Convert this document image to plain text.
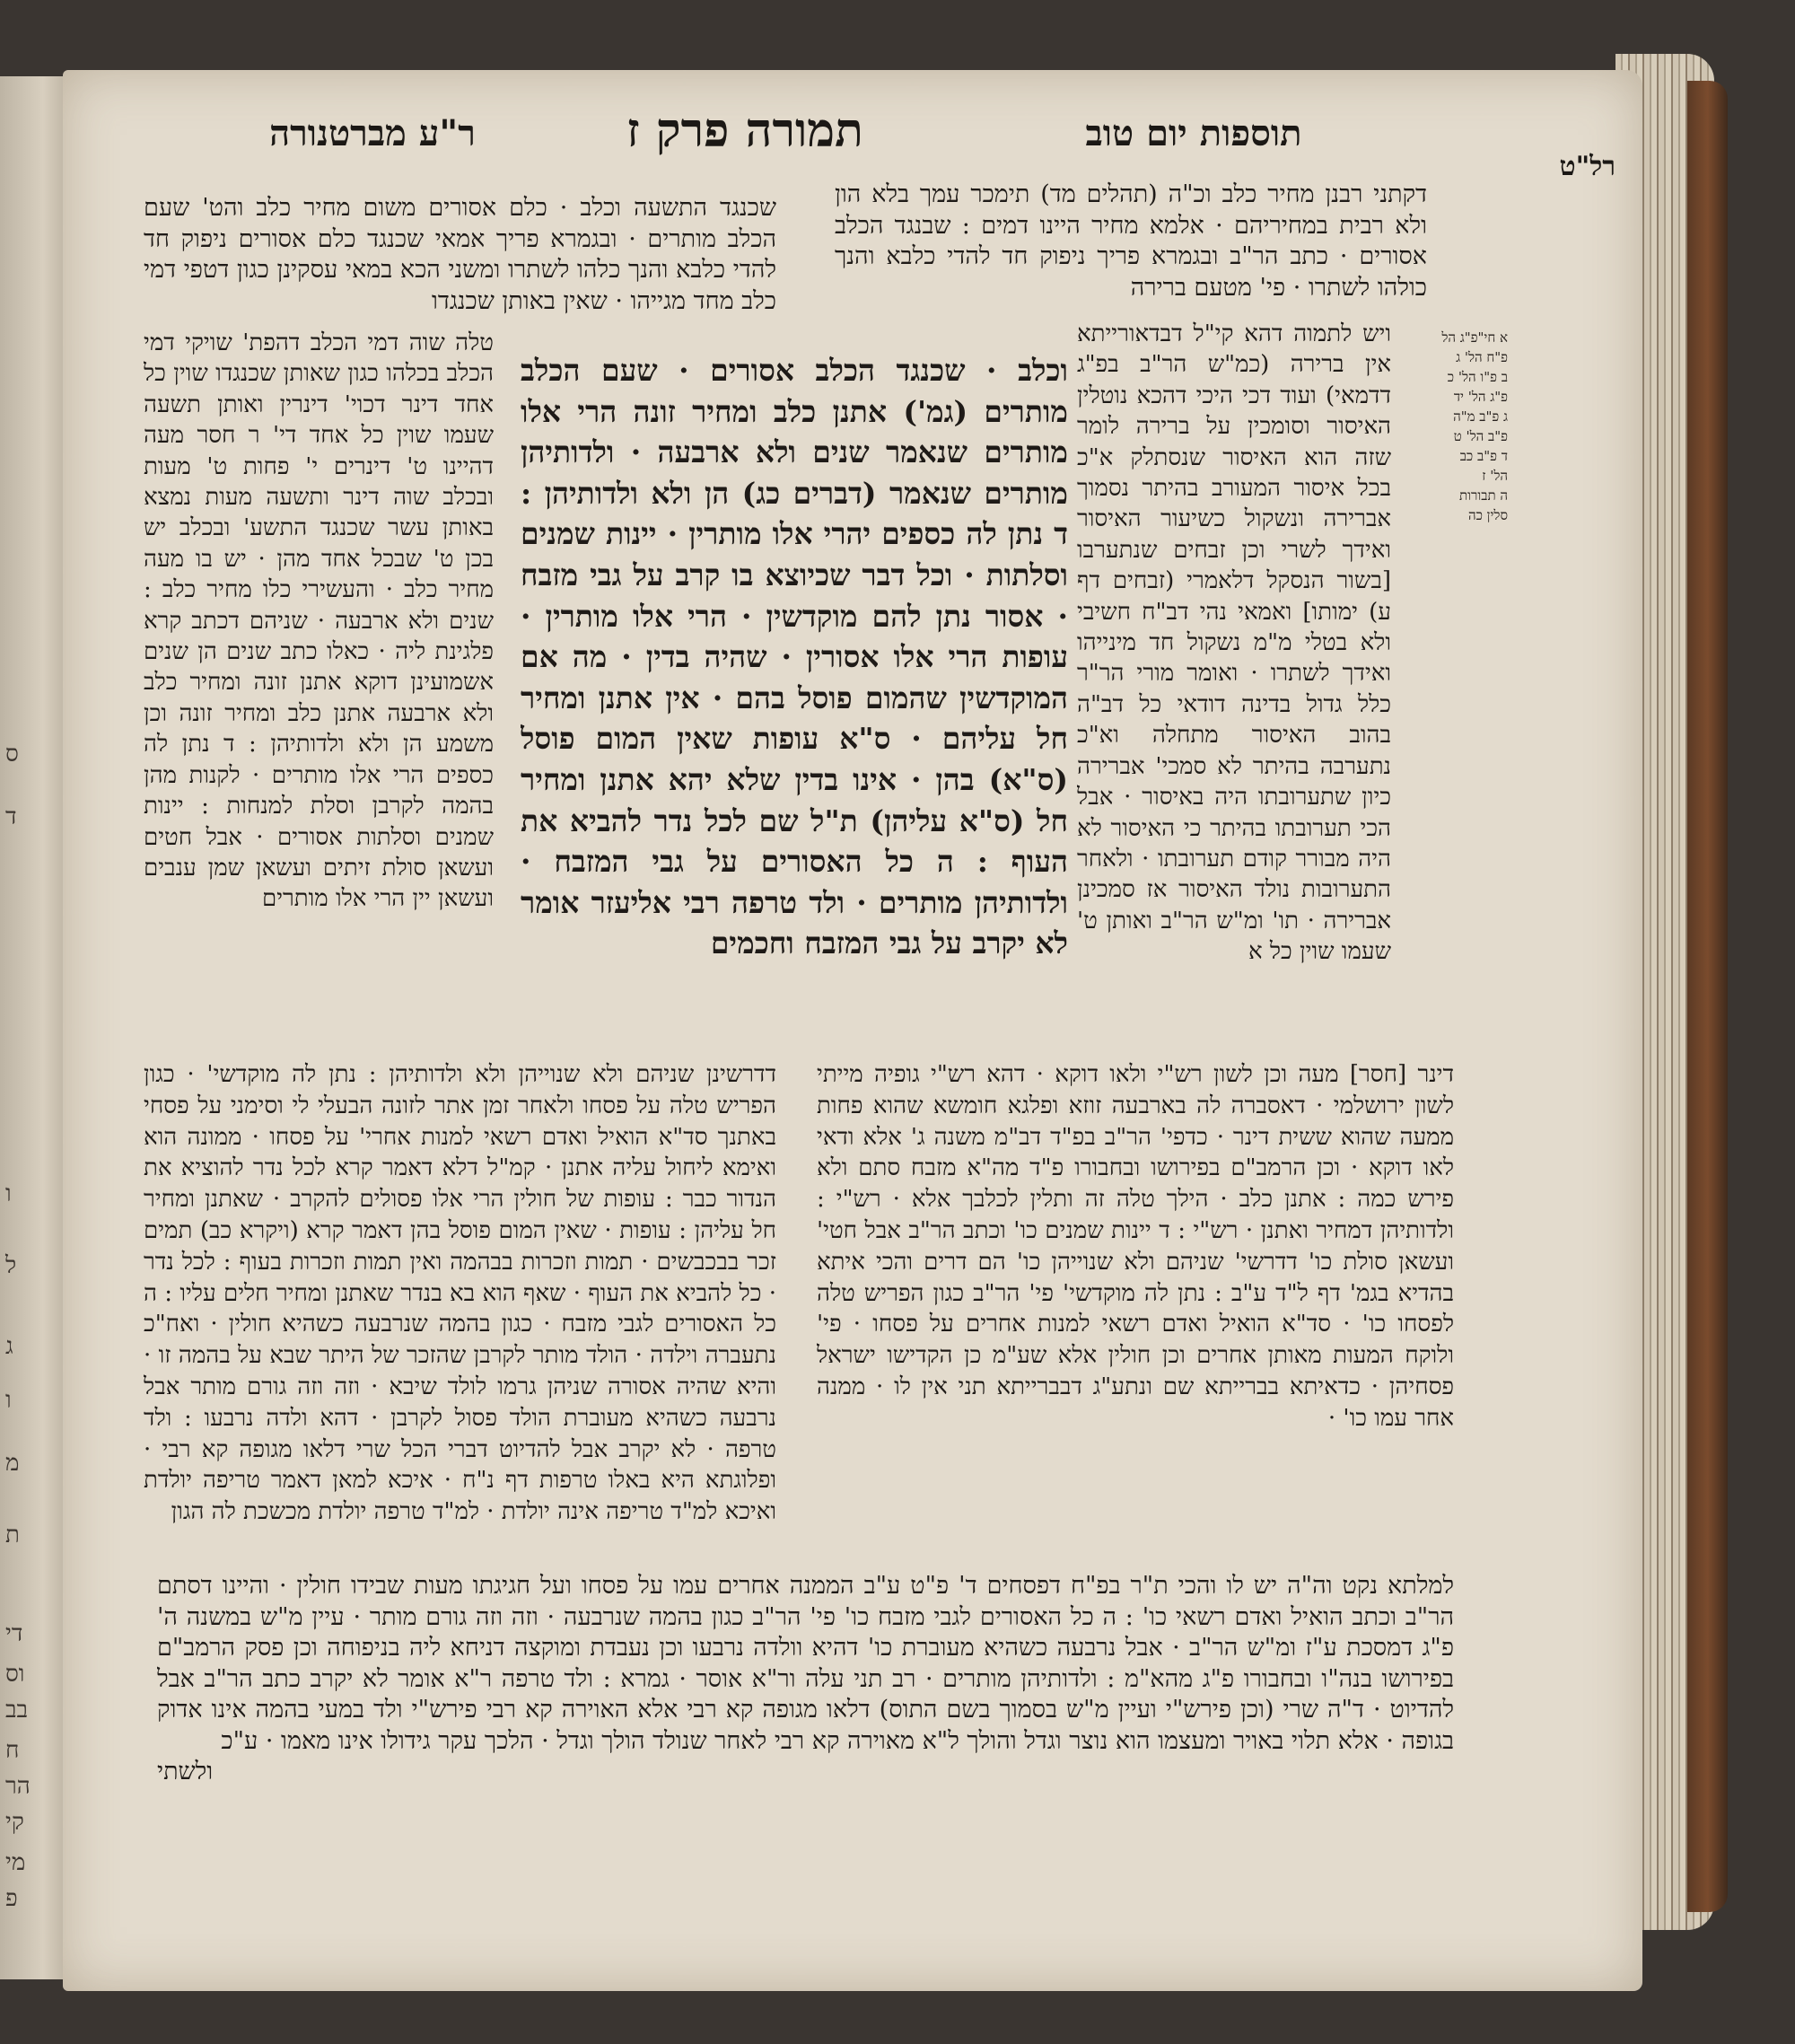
ס
ד
ו
ל
ג
ו
מ
ת
די
וס
בב
ח
הר
קי
מי
פ
רל"ט
תוספות יום טוב
תמורה פרק ז
ר"ע מברטנורה
א חי"פ"ג הל
פ"ח הל' ג
ב פ"ו הל' כ
פ"ג הל' יד
ג פ"ב מ"ה
פ"ב הל' ט
ד פ"ב כב
הל' ז
ה תבורות
סלין כה

דקתני רבנן מחיר כלב וכ"ה (תהלים מד) תימכר עמך בלא הון ולא רבית במחיריהם · אלמא מחיר היינו דמים : שבנגד הכלב אסורים · כתב הר"ב ובגמרא פריך ניפוק חד להדי כלבא והנך כולהו לשתרו · פי' מטעם ברירה

שכנגד התשעה וכלב · כלם אסורים משום מחיר כלב והט' שעם הכלב מותרים · ובגמרא פריך אמאי שכנגד כלם אסורים ניפוק חד להדי כלבא והנך כלהו לשתרו ומשני הכא במאי עסקינן כגון דטפי דמי כלב מחד מגייהו · שאין באותן שכנגדו

ויש לתמוה דהא קי"ל דבדאורייתא אין ברירה (כמ"ש הר"ב בפ"ג דדמאי) ועוד דכי היכי דהכא נוטלין האיסור וסומכין על ברירה לומר שזה הוא האיסור שנסתלק א"כ בכל איסור המעורב בהיתר נסמוך אברירה ונשקול כשיעור האיסור ואידך לשרי וכן זבחים שנתערבו [בשור הנסקל דלאמרי (זבחים דף ע) ימותו] ואמאי נהי דב"ח חשיבי ולא בטלי מ"מ נשקול חד מינייהו ואידך לשתרו · ואומר מורי הר"ר כלל גדול בדינה דודאי כל דב"ה בהוב האיסור מתחלה וא"כ נתערבה בהיתר לא סמכי' אברירה כיון שתערובתו היה באיסור · אבל הכי תערובתו בהיתר כי האיסור לא היה מבורר קודם תערובתו · ולאחר התערובות נולד האיסור אז סמכינן אברירה · תו' ומ"ש הר"ב ואותן ט' שעמו שוין כל א

וכלב · שכנגד הכלב אסורים · שעם הכלב מותרים (גמ') אתנן כלב ומחיר זונה הרי אלו מותרים שנאמר שנים ולא ארבעה · ולדותיהן מותרים שנאמר (דברים כג) הן ולא ולדותיהן : ד נתן לה כספים יהרי אלו מותרין · יינות שמנים וסלתות · וכל דבר שכיוצא בו קרב על גבי מזבח · אסור נתן להם מוקדשין · הרי אלו מותרין · עופות הרי אלו אסורין · שהיה בדין · מה אם המוקדשין שהמום פוסל בהם · אין אתנן ומחיר חל עליהם · ס"א עופות שאין המום פוסל (ס"א) בהן · אינו בדין שלא יהא אתנן ומחיר חל (ס"א עליהן) ת"ל שם לכל נדר להביא את העוף : ה כל האסורים על גבי המזבח · ולדותיהן מותרים · ולד טרפה רבי אליעזר אומר לא יקרב על גבי המזבח וחכמים

טלה שוה דמי הכלב דהפת' שויקי דמי הכלב בכלהו כגון שאותן שכנגדו שוין כל אחד דינר דכוי' דינרין ואותן תשעה שעמו שוין כל אחד די' ר חסר מעה דהיינו ט' דינרים י' פחות ט' מעות ובכלב שוה דינר ותשעה מעות נמצא באותן עשר שכנגד התשע' ובכלב יש בכן ט' שבכל אחד מהן · יש בו מעה מחיר כלב · והעשירי כלו מחיר כלב : שנים ולא ארבעה · שניהם דכתב קרא פלגינת ליה · כאלו כתב שנים הן שנים אשמועינן דוקא אתנן זונה ומחיר כלב ולא ארבעה אתנן כלב ומחיר זונה וכן משמע הן ולא ולדותיהן : ד נתן לה כספים הרי אלו מותרים · לקנות מהן בהמה לקרבן וסלת למנחות : יינות שמנים וסלתות אסורים · אבל חטים ועשאן סולת זיתים ועשאן שמן ענבים ועשאן יין הרי אלו מותרים

דינר [חסר] מעה וכן לשון רש"י ולאו דוקא · דהא רש"י גופיה מייתי לשון ירושלמי · דאסברה לה בארבעה זוזא ופלגא חומשא שהוא פחות ממעה שהוא ששית דינר · כדפי' הר"ב בפ"ד דב"מ משנה ג' אלא ודאי לאו דוקא · וכן הרמב"ם בפירושו ובחבורו פ"ד מה"א מזבח סתם ולא פירש כמה : אתנן כלב · הילך טלה זה ותלין לכלבך אלא · רש"י : ולדותיהן דמחיר ואתנן · רש"י : ד יינות שמנים כו' וכתב הר"ב אבל חטי' ועשאן סולת כו' דדרשי' שניהם ולא שנוייהן כו' הם דרים והכי איתא בהדיא בגמ' דף ל"ד ע"ב : נתן לה מוקדשי' פי' הר"ב כגון הפריש טלה לפסחו כו' · סד"א הואיל ואדם רשאי למנות אחרים על פסחו · פי' ולוקח המעות מאותן אחרים וכן חולין אלא שע"מ כן הקדישו ישראל פסחיהן · כדאיתא בברייתא שם ונתע"ג דבברייתא תני אין לו · ממנה אחר עמו כו' ·

דדרשינן שניהם ולא שנוייהן ולא ולדותיהן : נתן לה מוקדשי' · כגון הפריש טלה על פסחו ולאחר זמן אתר לזונה הבעלי לי וסימני על פסחי באתנך סד"א הואיל ואדם רשאי למנות אחרי' על פסחו · ממונה הוא ואימא ליחול עליה אתנן · קמ"ל דלא דאמר קרא לכל נדר להוציא את הנדור כבר : עופות של חולין הרי אלו פסולים להקרב · שאתנן ומחיר חל עליהן : עופות · שאין המום פוסל בהן דאמר קרא (ויקרא כב) תמים זכר בבכבשים · תמות וזכרות בבהמה ואין תמות וזכרות בעוף : לכל נדר · כל להביא את העוף · שאף הוא בא בנדר שאתנן ומחיר חלים עליו : ה כל האסורים לגבי מזבח · כגון בהמה שנרבעה כשהיא חולין · ואח"כ נתעברה וילדה · הולד מותר לקרבן שהזכר של היתר שבא על בהמה זו · והיא שהיה אסורה שניהן גרמו לולד שיבא · וזה וזה גורם מותר אבל נרבעה כשהיא מעוברת הולד פסול לקרבן · דהא ולדה נרבעו : ולד טרפה · לא יקרב אבל להדיוט דברי הכל שרי דלאו מגופה קא רבי · ופלוגתא היא באלו טרפות דף נ"ח · איכא למאן דאמר טריפה יולדת ואיכא למ"ד טריפה אינה יולדת · למ"ד טרפה יולדת מכשכת לה הגון

למלתא נקט וה"ה יש לו והכי ת"ר בפ"ח דפסחים ד' פ"ט ע"ב הממנה אחרים עמו על פסחו ועל חגיגתו מעות שבידו חולין · והיינו דסתם הר"ב וכתב הואיל ואדם רשאי כו' : ה כל האסורים לגבי מזבח כו' פי' הר"ב כגון בהמה שנרבעה · וזה וזה גורם מותר · עיין מ"ש במשנה ה' פ"ג דמסכת ע"ז ומ"ש הר"ב · אבל נרבעה כשהיא מעוברת כו' דהיא וולדה נרבעו וכן נעבדת ומוקצה דניחא ליה בניפוחה וכן פסק הרמב"ם בפירושו בנה"ו ובחבורו פ"ג מהא"מ : ולדותיהן מותרים · רב תני עלה ור"א אוסר · גמרא : ולד טרפה ר"א אומר לא יקרב כתב הר"ב אבל להדיוט · ד"ה שרי (וכן פירש"י ועיין מ"ש בסמוך בשם התוס) דלאו מגופה קא רבי אלא האוירה קא רבי פירש"י ולד במעי בהמה אינו אדוק בגופה · אלא תלוי באויר ומעצמו הוא נוצר וגדל והולך ל"א מאוירה קא רבי לאחר שנולד הולך וגדל · הלכך עקר גידולו אינו מאמו · ע"כ

ולשתי
